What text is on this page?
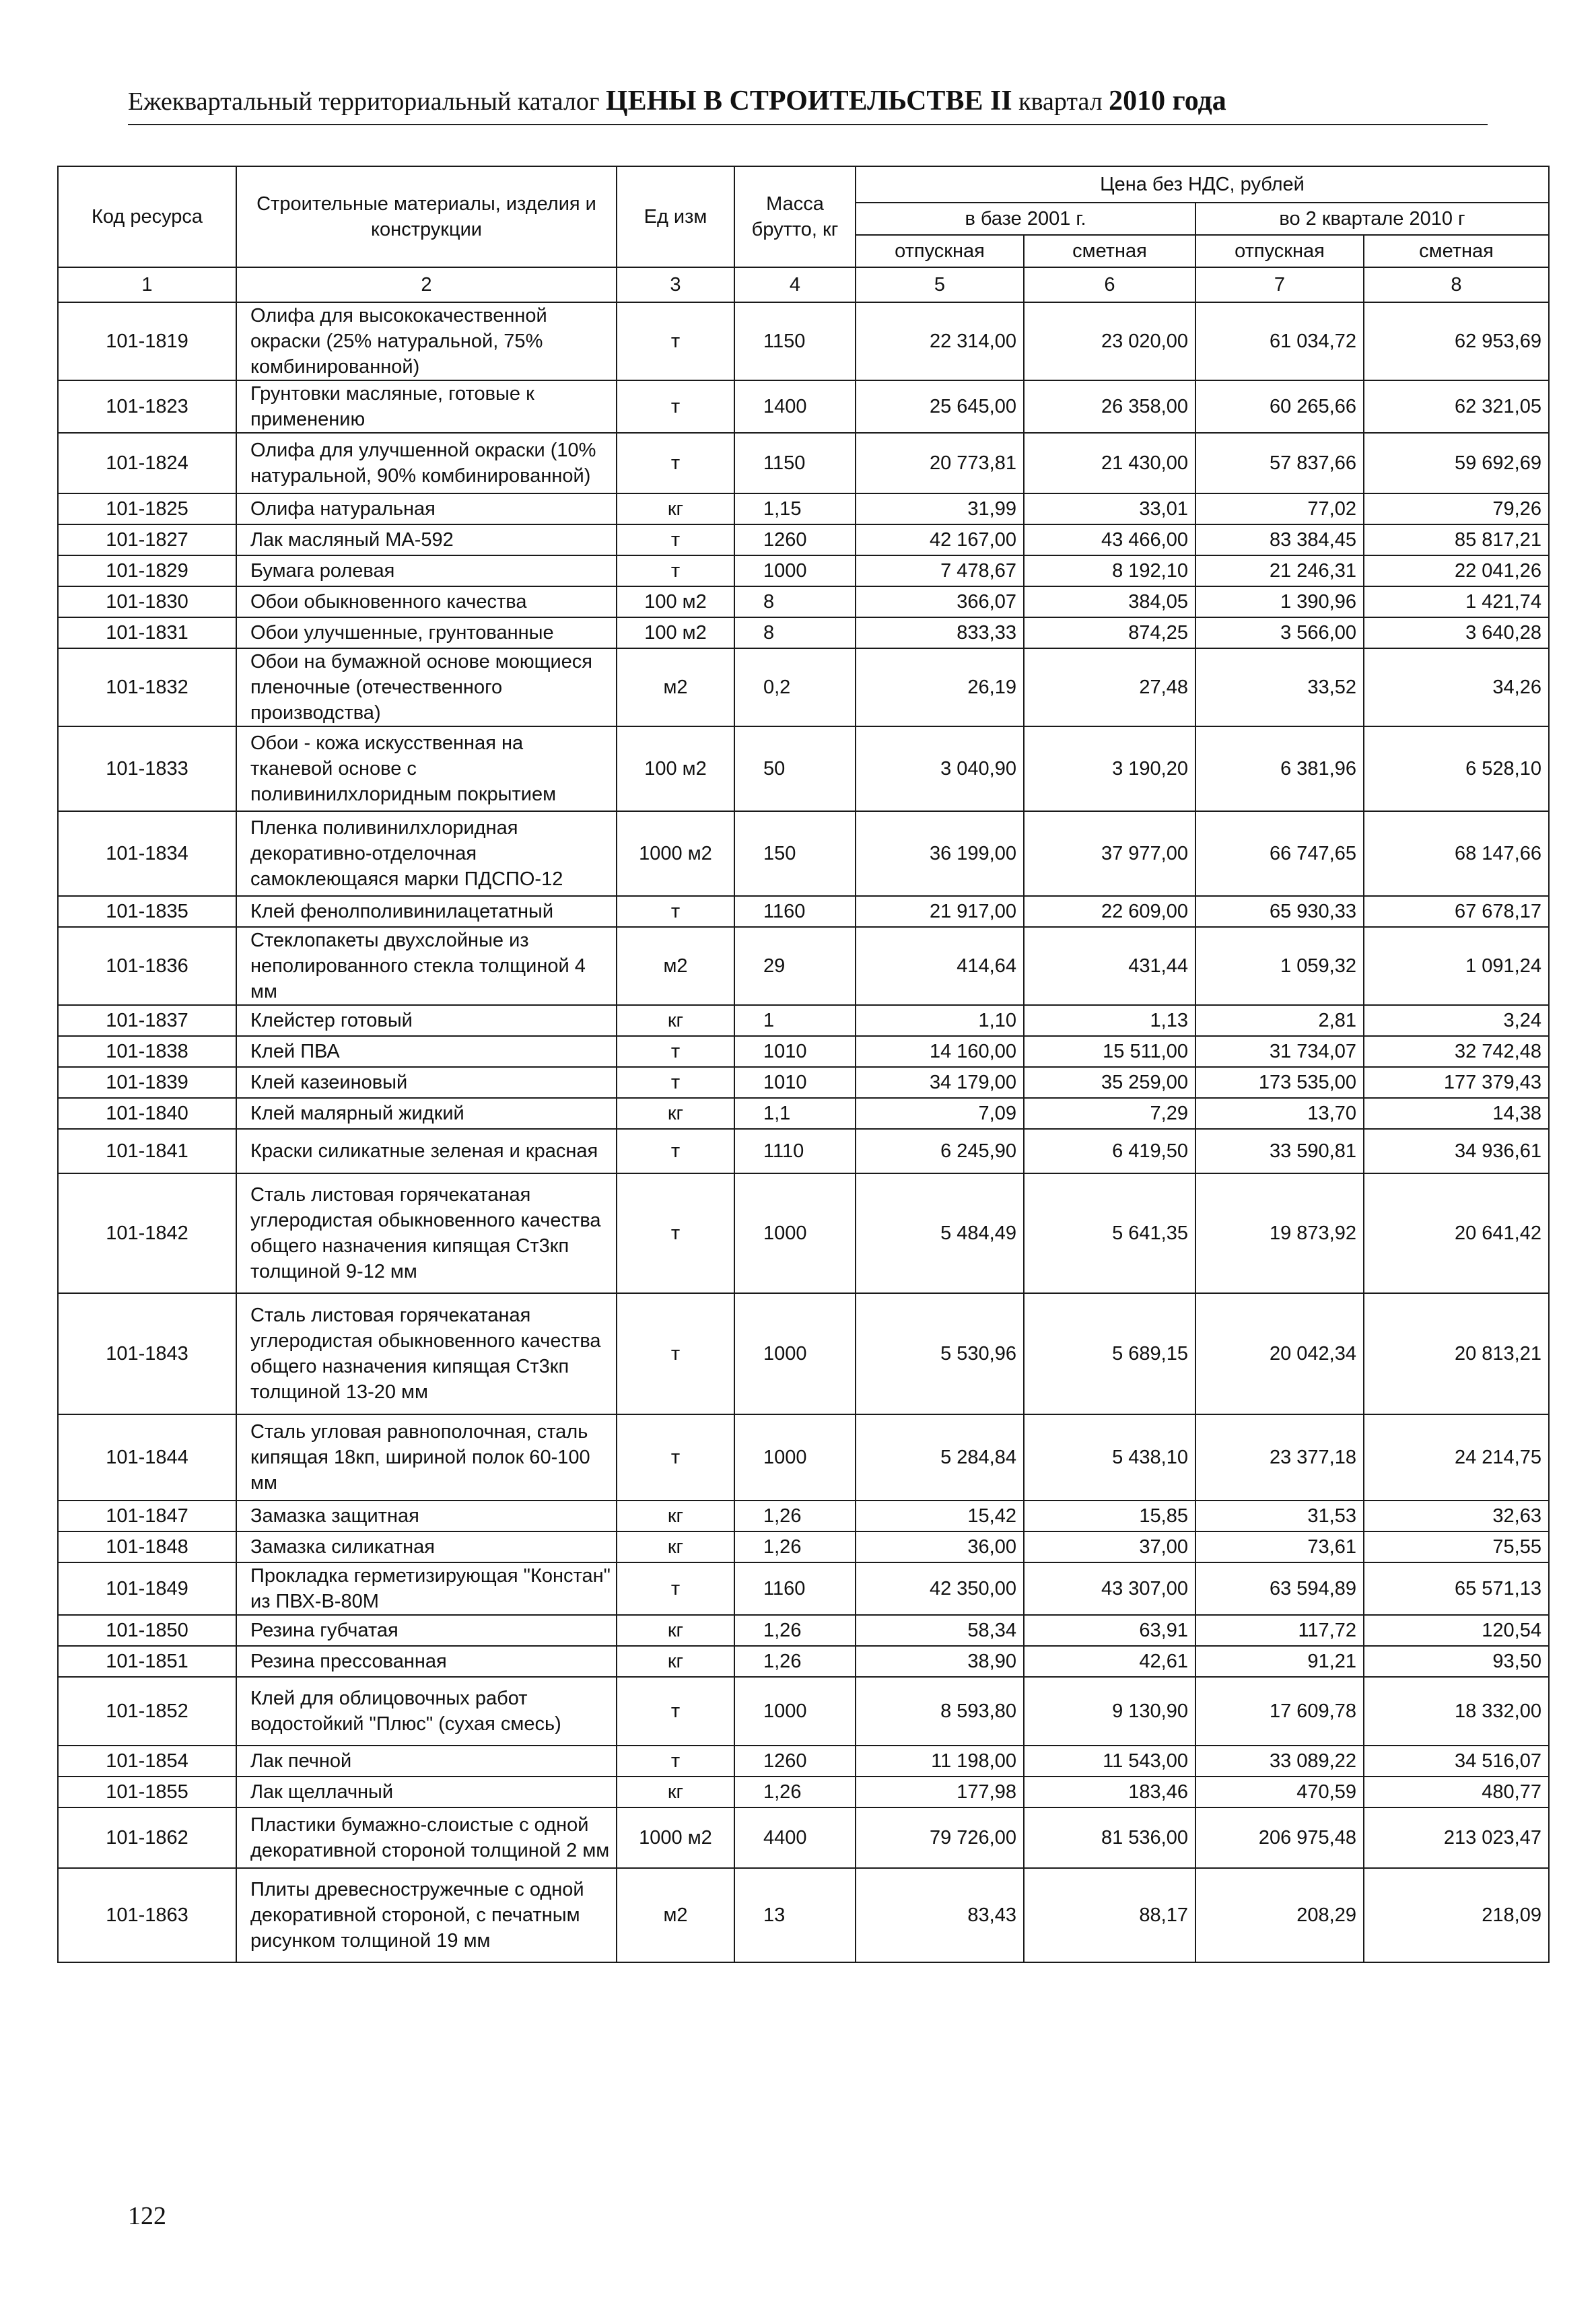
Ежеквартальный территориальный каталог ЦЕНЫ В СТРОИТЕЛЬСТВЕ II квартал 2010 года
Код ресурса	Строительные материалы, изделия и конструкции	Ед изм	Масса брутто, кг	Цена без НДС, рублей			
				в базе 2001 г.		во 2 квартале 2010 г	
				отпускная	сметная	отпускная	сметная
1	2	3	4	5	6	7	8
101-1819	Олифа для высококачественной окраски (25% натуральной, 75% комбинированной)	т	1150	22 314,00	23 020,00	61 034,72	62 953,69
101-1823	Грунтовки масляные, готовые к применению	т	1400	25 645,00	26 358,00	60 265,66	62 321,05
101-1824	Олифа для улучшенной окраски (10% натуральной, 90% комбинированной)	т	1150	20 773,81	21 430,00	57 837,66	59 692,69
101-1825	Олифа натуральная	кг	1,15	31,99	33,01	77,02	79,26
101-1827	Лак масляный МА-592	т	1260	42 167,00	43 466,00	83 384,45	85 817,21
101-1829	Бумага ролевая	т	1000	7 478,67	8 192,10	21 246,31	22 041,26
101-1830	Обои обыкновенного качества	100 м2	8	366,07	384,05	1 390,96	1 421,74
101-1831	Обои улучшенные, грунтованные	100 м2	8	833,33	874,25	3 566,00	3 640,28
101-1832	Обои на бумажной основе моющиеся пленочные (отечественного производства)	м2	0,2	26,19	27,48	33,52	34,26
101-1833	Обои - кожа искусственная на тканевой основе с поливинилхлоридным покрытием	100 м2	50	3 040,90	3 190,20	6 381,96	6 528,10
101-1834	Пленка поливинилхлоридная декоративно-отделочная самоклеющаяся марки ПДСПО-12	1000 м2	150	36 199,00	37 977,00	66 747,65	68 147,66
101-1835	Клей фенолполивинилацетатный	т	1160	21 917,00	22 609,00	65 930,33	67 678,17
101-1836	Стеклопакеты двухслойные из неполированного стекла толщиной 4 мм	м2	29	414,64	431,44	1 059,32	1 091,24
101-1837	Клейстер готовый	кг	1	1,10	1,13	2,81	3,24
101-1838	Клей ПВА	т	1010	14 160,00	15 511,00	31 734,07	32 742,48
101-1839	Клей казеиновый	т	1010	34 179,00	35 259,00	173 535,00	177 379,43
101-1840	Клей малярный жидкий	кг	1,1	7,09	7,29	13,70	14,38
101-1841	Краски силикатные зеленая и красная	т	1110	6 245,90	6 419,50	33 590,81	34 936,61
101-1842	Сталь листовая горячекатаная углеродистая обыкновенного качества общего назначения кипящая Ст3кп толщиной 9-12 мм	т	1000	5 484,49	5 641,35	19 873,92	20 641,42
101-1843	Сталь листовая горячекатаная углеродистая обыкновенного качества общего назначения кипящая Ст3кп толщиной 13-20 мм	т	1000	5 530,96	5 689,15	20 042,34	20 813,21
101-1844	Сталь угловая равнополочная, сталь кипящая 18кп, шириной полок 60-100 мм	т	1000	5 284,84	5 438,10	23 377,18	24 214,75
101-1847	Замазка защитная	кг	1,26	15,42	15,85	31,53	32,63
101-1848	Замазка силикатная	кг	1,26	36,00	37,00	73,61	75,55
101-1849	Прокладка герметизирующая "Констан" из ПВХ-В-80М	т	1160	42 350,00	43 307,00	63 594,89	65 571,13
101-1850	Резина губчатая	кг	1,26	58,34	63,91	117,72	120,54
101-1851	Резина прессованная	кг	1,26	38,90	42,61	91,21	93,50
101-1852	Клей для облицовочных работ водостойкий "Плюс" (сухая смесь)	т	1000	8 593,80	9 130,90	17 609,78	18 332,00
101-1854	Лак печной	т	1260	11 198,00	11 543,00	33 089,22	34 516,07
101-1855	Лак щеллачный	кг	1,26	177,98	183,46	470,59	480,77
101-1862	Пластики бумажно-слоистые с одной декоративной стороной толщиной 2 мм	1000 м2	4400	79 726,00	81 536,00	206 975,48	213 023,47
101-1863	Плиты древесностружечные с одной декоративной стороной, с печатным рисунком толщиной 19 мм	м2	13	83,43	88,17	208,29	218,09
122
